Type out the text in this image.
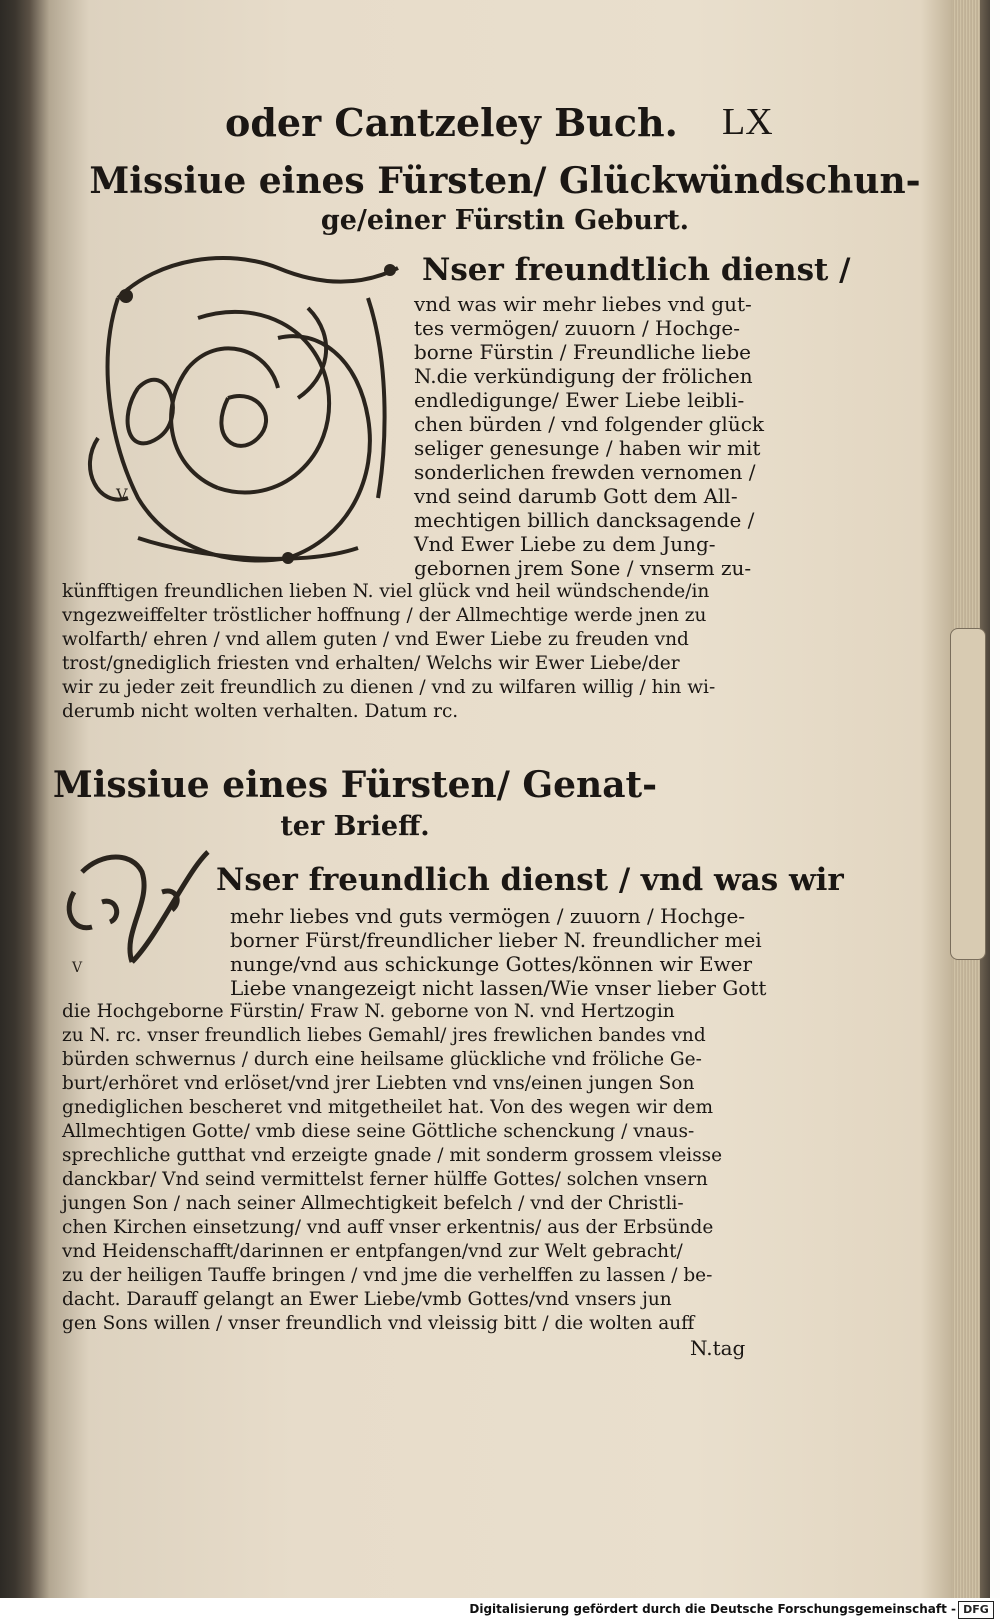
oder Cantzeley Buch. LX
Missiue eines Fürsten/ Glückwündschun-
ge/einer Fürstin Geburt.
V
Nser freundtlich dienst /
vnd was wir mehr liebes vnd gut-
tes vermögen/ zuuorn / Hochge-
borne Fürstin / Freundliche liebe
N.die verkündigung der frölichen
endledigunge/ Ewer Liebe leibli-
chen bürden / vnd folgender glück
seliger genesunge / haben wir mit
sonderlichen frewden vernomen /
vnd seind darumb Gott dem All-
mechtigen billich dancksagende /
Vnd Ewer Liebe zu dem Jung-
gebornen jrem Sone / vnserm zu-
künfftigen freundlichen lieben N. viel glück vnd heil wündschende/in
vngezweiffelter tröstlicher hoffnung / der Allmechtige werde jnen zu
wolfarth/ ehren / vnd allem guten / vnd Ewer Liebe zu freuden vnd
trost/gnediglich friesten vnd erhalten/ Welchs wir Ewer Liebe/der
wir zu jeder zeit freundlich zu dienen / vnd zu wilfaren willig / hin wi-
derumb nicht wolten verhalten. Datum rc.
Missiue eines Fürsten/ Genat-
ter Brieff.
V
Nser freundlich dienst / vnd was wir
mehr liebes vnd guts vermögen / zuuorn / Hochge-
borner Fürst/freundlicher lieber N. freundlicher mei
nunge/vnd aus schickunge Gottes/können wir Ewer
Liebe vnangezeigt nicht lassen/Wie vnser lieber Gott
die Hochgeborne Fürstin/ Fraw N. geborne von N. vnd Hertzogin
zu N. rc. vnser freundlich liebes Gemahl/ jres frewlichen bandes vnd
bürden schwernus / durch eine heilsame glückliche vnd fröliche Ge-
burt/erhöret vnd erlöset/vnd jrer Liebten vnd vns/einen jungen Son
gnediglichen bescheret vnd mitgetheilet hat. Von des wegen wir dem
Allmechtigen Gotte/ vmb diese seine Göttliche schenckung / vnaus-
sprechliche gutthat vnd erzeigte gnade / mit sonderm grossem vleisse
danckbar/ Vnd seind vermittelst ferner hülffe Gottes/ solchen vnsern
jungen Son / nach seiner Allmechtigkeit befelch / vnd der Christli-
chen Kirchen einsetzung/ vnd auff vnser erkentnis/ aus der Erbsünde
vnd Heidenschafft/darinnen er entpfangen/vnd zur Welt gebracht/
zu der heiligen Tauffe bringen / vnd jme die verhelffen zu lassen / be-
dacht. Darauff gelangt an Ewer Liebe/vmb Gottes/vnd vnsers jun
gen Sons willen / vnser freundlich vnd vleissig bitt / die wolten auff
N.tag
Digitalisierung gefördert durch die Deutsche Forschungsgemeinschaft - DFG
